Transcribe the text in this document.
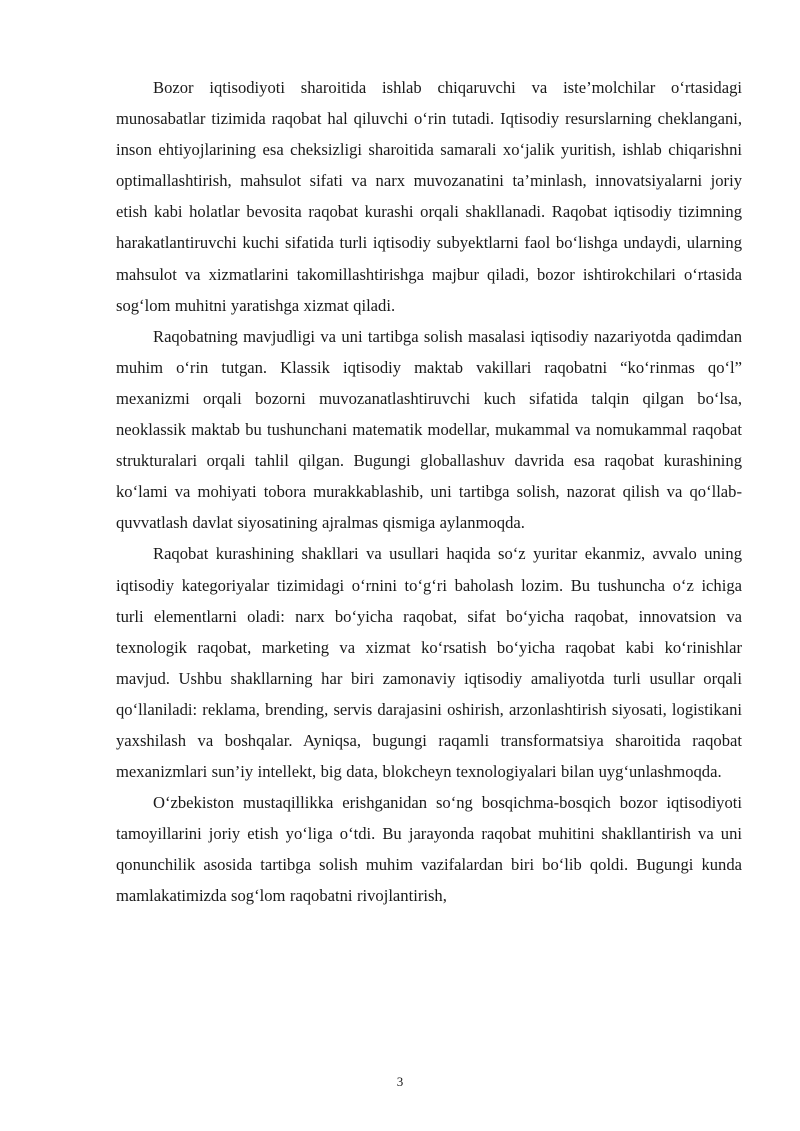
Bozor iqtisodiyoti sharoitida ishlab chiqaruvchi va iste’molchilar o‘rtasidagi munosabatlar tizimida raqobat hal qiluvchi o‘rin tutadi. Iqtisodiy resurslarning cheklangani, inson ehtiyojlarining esa cheksizligi sharoitida samarali xo‘jalik yuritish, ishlab chiqarishni optimallashtirish, mahsulot sifati va narx muvozanatini ta’minlash, innovatsiyalarni joriy etish kabi holatlar bevosita raqobat kurashi orqali shakllanadi. Raqobat iqtisodiy tizimning harakatlantiruvchi kuchi sifatida turli iqtisodiy subyektlarni faol bo‘lishga undaydi, ularning mahsulot va xizmatlarini takomillashtirishga majbur qiladi, bozor ishtirokchilari o‘rtasida sog‘lom muhitni yaratishga xizmat qiladi.

Raqobatning mavjudligi va uni tartibga solish masalasi iqtisodiy nazariyotda qadimdan muhim o‘rin tutgan. Klassik iqtisodiy maktab vakillari raqobatni “ko‘rinmas qo‘l” mexanizmi orqali bozorni muvozanatlashtiruvchi kuch sifatida talqin qilgan bo‘lsa, neoklassik maktab bu tushunchani matematik modellar, mukammal va nomukammal raqobat strukturalari orqali tahlil qilgan. Bugungi globallashuv davrida esa raqobat kurashining ko‘lami va mohiyati tobora murakkablashib, uni tartibga solish, nazorat qilish va qo‘llab-quvvatlash davlat siyosatining ajralmas qismiga aylanmoqda.

Raqobat kurashining shakllari va usullari haqida so‘z yuritar ekanmiz, avvalo uning iqtisodiy kategoriyalar tizimidagi o‘rnini to‘g‘ri baholash lozim. Bu tushuncha o‘z ichiga turli elementlarni oladi: narx bo‘yicha raqobat, sifat bo‘yicha raqobat, innovatsion va texnologik raqobat, marketing va xizmat ko‘rsatish bo‘yicha raqobat kabi ko‘rinishlar mavjud. Ushbu shakllarning har biri zamonaviy iqtisodiy amaliyotda turli usullar orqali qo‘llaniladi: reklama, brending, servis darajasini oshirish, arzonlashtirish siyosati, logistikani yaxshilash va boshqalar. Ayniqsa, bugungi raqamli transformatsiya sharoitida raqobat mexanizmlari sun’iy intellekt, big data, blokcheyn texnologiyalari bilan uyg‘unlashmoqda.

O‘zbekiston mustaqillikka erishganidan so‘ng bosqichma-bosqich bozor iqtisodiyoti tamoyillarini joriy etish yo‘liga o‘tdi. Bu jarayonda raqobat muhitini shakllantirish va uni qonunchilik asosida tartibga solish muhim vazifalardan biri bo‘lib qoldi. Bugungi kunda mamlakatimizda sog‘lom raqobatni rivojlantirish,

3
